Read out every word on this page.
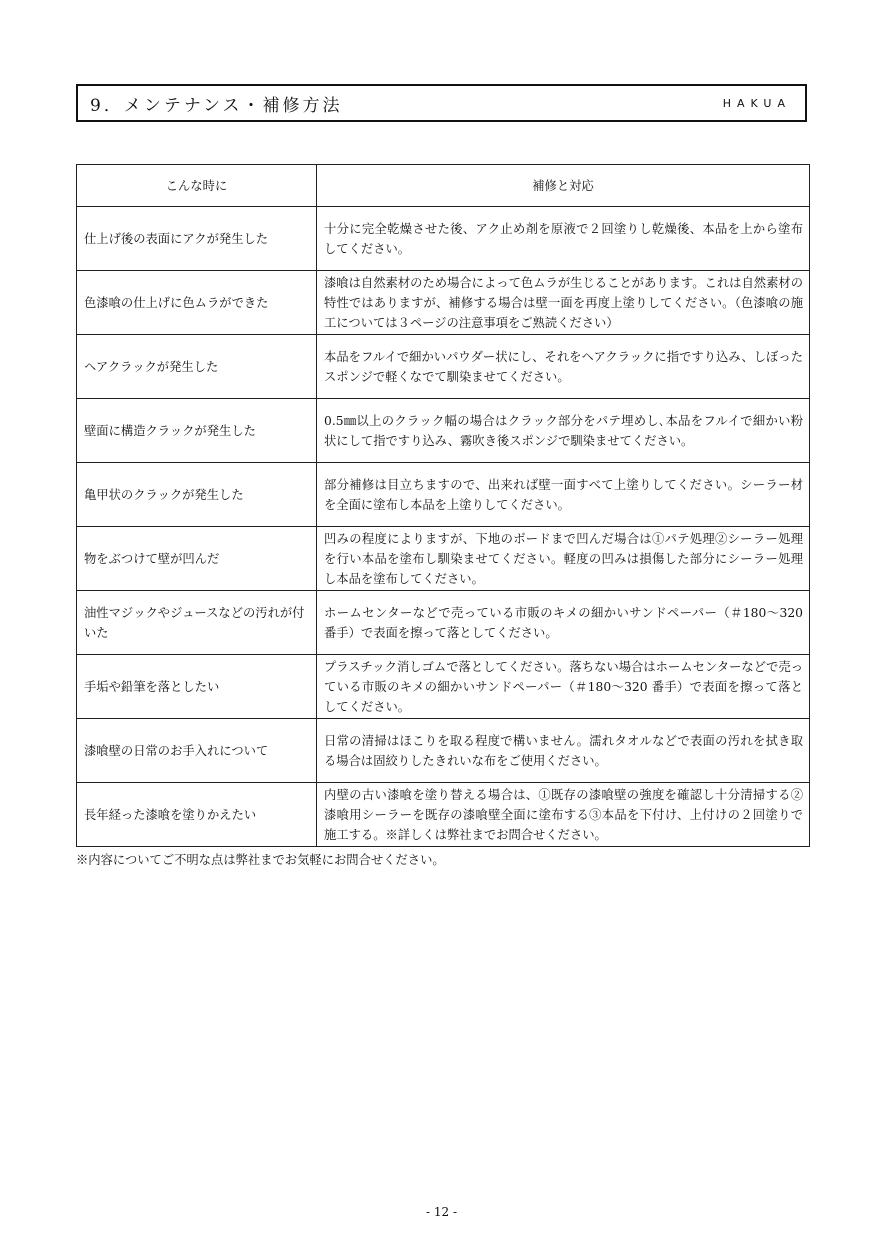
9．メンテナンス・補修方法	HAKUA
こんな時に	補修と対応
仕上げ後の表面にアクが発生した	十分に完全乾燥させた後、アク止め剤を原液で２回塗りし乾燥後、本品を上から塗布してください。
色漆喰の仕上げに色ムラができた	漆喰は自然素材のため場合によって色ムラが生じることがあります。これは自然素材の特性ではありますが、補修する場合は壁一面を再度上塗りしてください。（色漆喰の施工については３ページの注意事項をご熟読ください）
ヘアクラックが発生した	本品をフルイで細かいパウダー状にし、それをヘアクラックに指ですり込み、しぼったスポンジで軽くなでて馴染ませてください。
壁面に構造クラックが発生した	0.5㎜以上のクラック幅の場合はクラック部分をパテ埋めし､本品をフルイで細かい粉状にして指ですり込み、霧吹き後スポンジで馴染ませてください。
亀甲状のクラックが発生した	部分補修は目立ちますので、出来れば壁一面すべて上塗りしてください。シーラー材を全面に塗布し本品を上塗りしてください。
物をぶつけて壁が凹んだ	凹みの程度によりますが、下地のボードまで凹んだ場合は①パテ処理②シーラー処理を行い本品を塗布し馴染ませてください。軽度の凹みは損傷した部分にシーラー処理し本品を塗布してください。
油性マジックやジュースなどの汚れが付いた	ホームセンターなどで売っている市販のキメの細かいサンドペーパー（＃180～320 番手）で表面を擦って落としてください。
手垢や鉛筆を落としたい	プラスチック消しゴムで落としてください。落ちない場合はホームセンターなどで売っている市販のキメの細かいサンドペーパー（＃180～320 番手）で表面を擦って落としてください。
漆喰壁の日常のお手入れについて	日常の清掃はほこりを取る程度で構いません。濡れタオルなどで表面の汚れを拭き取る場合は固絞りしたきれいな布をご使用ください。
長年経った漆喰を塗りかえたい	内壁の古い漆喰を塗り替える場合は、①既存の漆喰壁の強度を確認し十分清掃する②漆喰用シーラーを既存の漆喰壁全面に塗布する③本品を下付け、上付けの２回塗りで施工する。※詳しくは弊社までお問合せください。
※内容についてご不明な点は弊社までお気軽にお問合せください。
- 12 -
